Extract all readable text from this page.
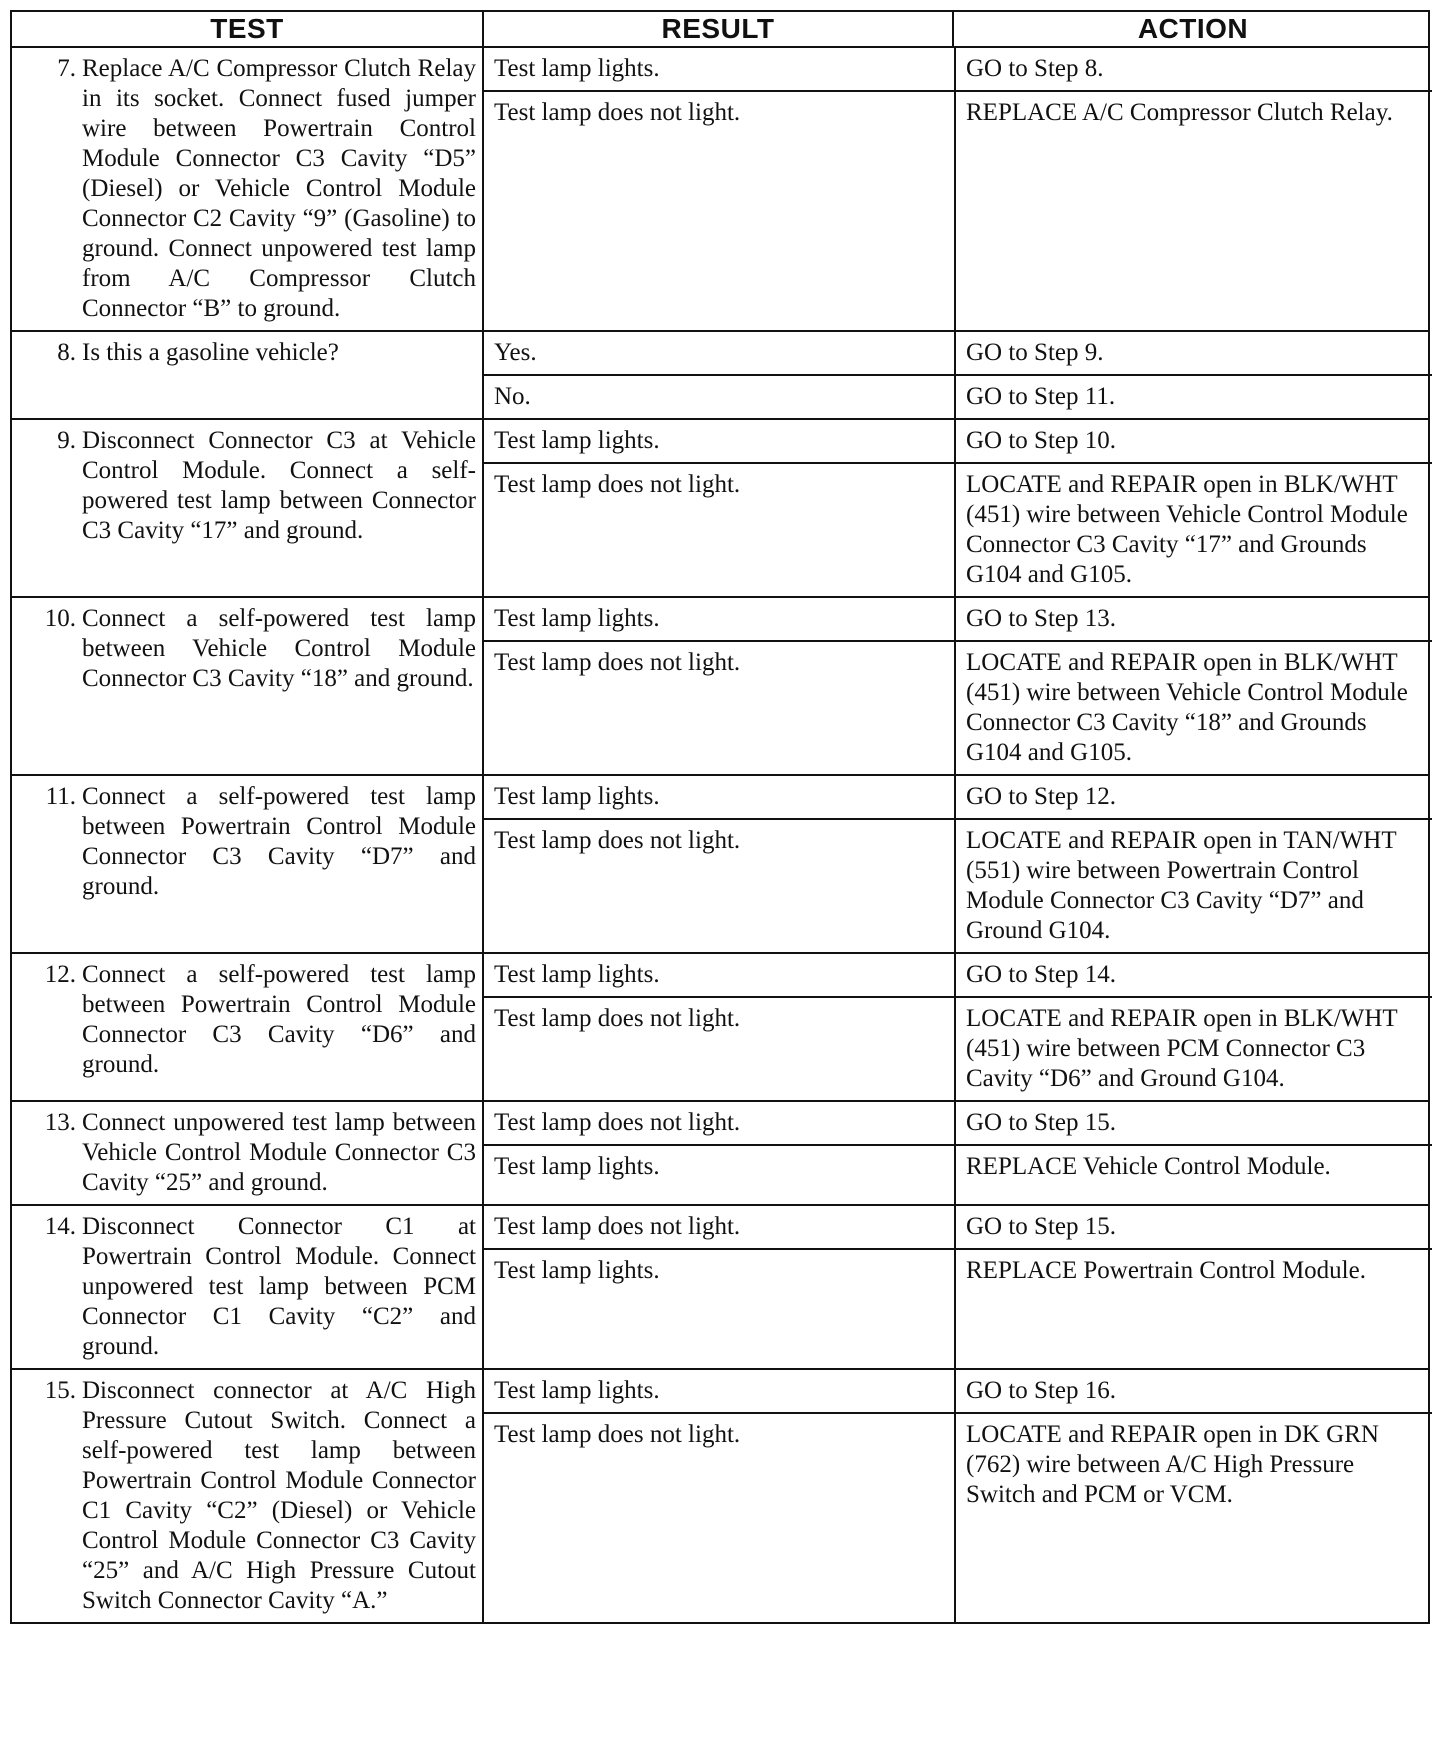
TEST	RESULT	ACTION
7. Replace A/C Compressor Clutch Relay in its socket. Connect fused jumper wire between Powertrain Control Module Connector C3 Cavity “D5” (Diesel) or Vehicle Control Module Connector C2 Cavity “9” (Gasoline) to ground. Connect unpowered test lamp from A/C Compressor Clutch Connector “B” to ground.
Test lamp lights.	GO to Step 8.
Test lamp does not light.	REPLACE A/C Compressor Clutch Relay.
8. Is this a gasoline vehicle?	Yes.	GO to Step 9.
No.	GO to Step 11.
9. Disconnect Connector C3 at Vehicle Control Module. Connect a self-powered test lamp between Connector C3 Cavity “17” and ground.
Test lamp lights.	GO to Step 10.
Test lamp does not light.	LOCATE and REPAIR open in BLK/WHT (451) wire between Vehicle Control Module Connector C3 Cavity “17” and Grounds G104 and G105.
10. Connect a self-powered test lamp between Vehicle Control Module Connector C3 Cavity “18” and ground.
Test lamp lights.	GO to Step 13.
Test lamp does not light.	LOCATE and REPAIR open in BLK/WHT (451) wire between Vehicle Control Module Connector C3 Cavity “18” and Grounds G104 and G105.
11. Connect a self-powered test lamp between Powertrain Control Module Connector C3 Cavity “D7” and ground.
Test lamp lights.	GO to Step 12.
Test lamp does not light.	LOCATE and REPAIR open in TAN/WHT (551) wire between Powertrain Control Module Connector C3 Cavity “D7” and Ground G104.
12. Connect a self-powered test lamp between Powertrain Control Module Connector C3 Cavity “D6” and ground.
Test lamp lights.	GO to Step 14.
Test lamp does not light.	LOCATE and REPAIR open in BLK/WHT (451) wire between PCM Connector C3 Cavity “D6” and Ground G104.
13. Connect unpowered test lamp between Vehicle Control Module Connector C3 Cavity “25” and ground.
Test lamp does not light.	GO to Step 15.
Test lamp lights.	REPLACE Vehicle Control Module.
14. Disconnect Connector C1 at Powertrain Control Module. Connect unpowered test lamp between PCM Connector C1 Cavity “C2” and ground.
Test lamp does not light.	GO to Step 15.
Test lamp lights.	REPLACE Powertrain Control Module.
15. Disconnect connector at A/C High Pressure Cutout Switch. Connect a self-powered test lamp between Powertrain Control Module Connector C1 Cavity “C2” (Diesel) or Vehicle Control Module Connector C3 Cavity “25” and A/C High Pressure Cutout Switch Connector Cavity “A.”
Test lamp lights.	GO to Step 16.
Test lamp does not light.	LOCATE and REPAIR open in DK GRN (762) wire between A/C High Pressure Switch and PCM or VCM.
